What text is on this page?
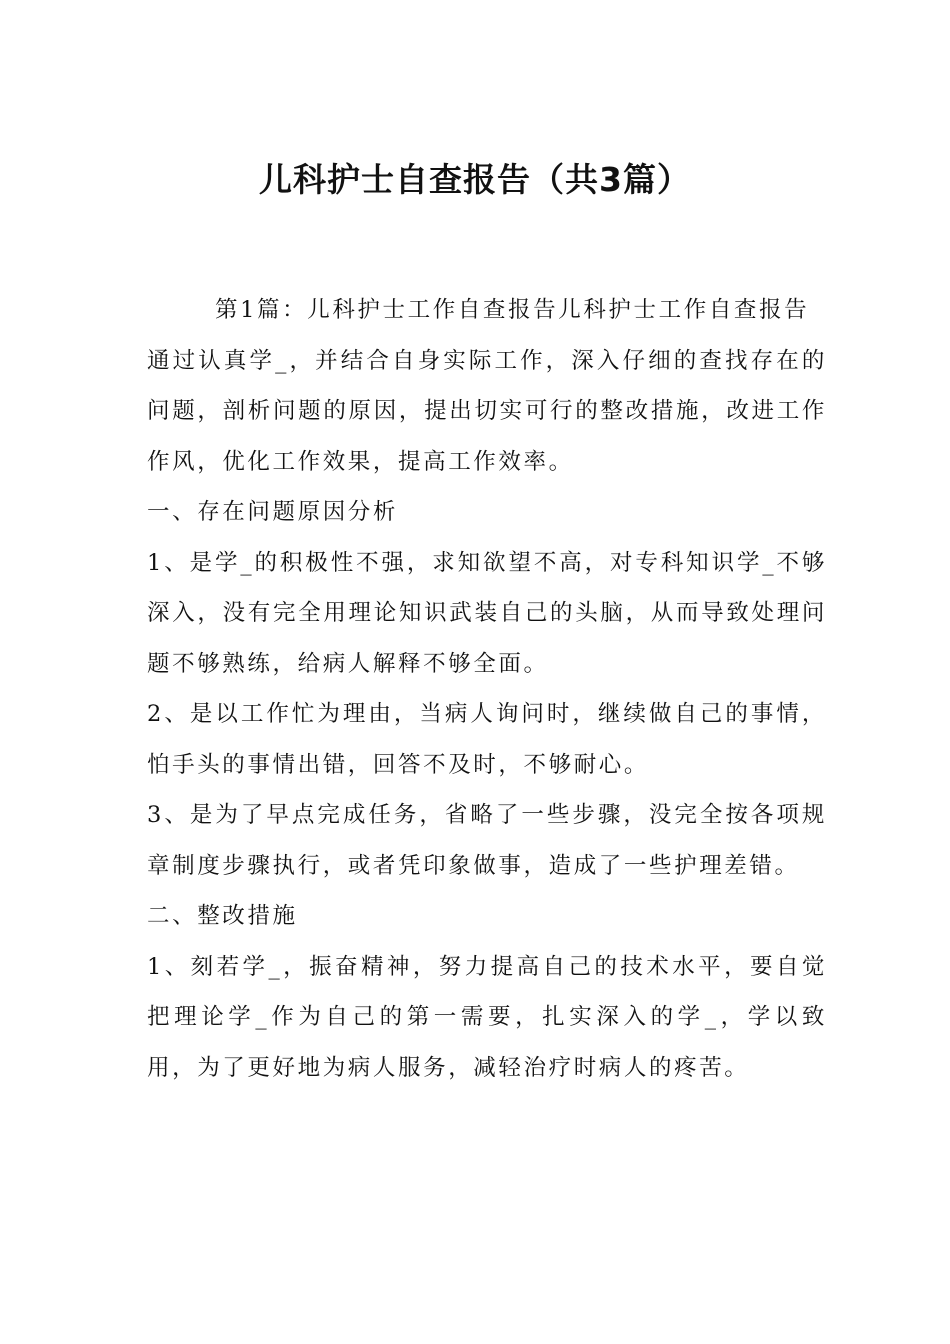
儿科护士自查报告（共3篇）

第1篇：儿科护士工作自查报告儿科护士工作自查报告

通过认真学_，并结合自身实际工作，深入仔细的查找存在的问题，剖析问题的原因，提出切实可行的整改措施，改进工作作风，优化工作效果，提高工作效率。

一、存在问题原因分析

1、是学_的积极性不强，求知欲望不高，对专科知识学_不够深入，没有完全用理论知识武装自己的头脑，从而导致处理问题不够熟练，给病人解释不够全面。

2、是以工作忙为理由，当病人询问时，继续做自己的事情，怕手头的事情出错，回答不及时，不够耐心。

3、是为了早点完成任务，省略了一些步骤，没完全按各项规章制度步骤执行，或者凭印象做事，造成了一些护理差错。

二、整改措施

1、刻若学_，振奋精神，努力提高自己的技术水平，要自觉把理论学_作为自己的第一需要，扎实深入的学_，学以致用，为了更好地为病人服务，减轻治疗时病人的疼苦。
